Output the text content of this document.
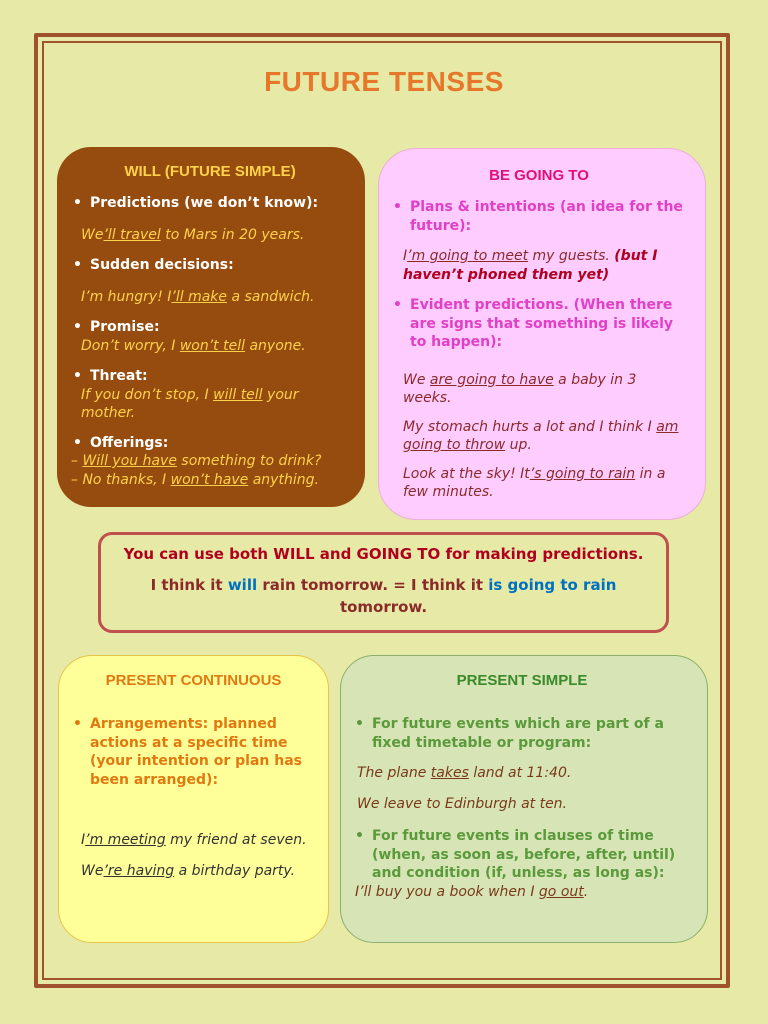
FUTURE TENSES
WILL (FUTURE SIMPLE)
• Predictions (we don’t know):
We’ll travel to Mars in 20 years.
• Sudden decisions:
I’m hungry! I’ll make a sandwich.
• Promise:
Don’t worry, I won’t tell anyone.
• Threat:
If you don’t stop, I will tell your mother.
• Offerings:
– Will you have something to drink?
– No thanks, I won’t have anything.
BE GOING TO
• Plans & intentions (an idea for the future):
I’m going to meet my guests. (but I haven’t phoned them yet)
• Evident predictions. (When there are signs that something is likely to happen):
We are going to have a baby in 3 weeks.
My stomach hurts a lot and I think I am going to throw up.
Look at the sky! It’s going to rain in a few minutes.
You can use both WILL and GOING TO for making predictions.
I think it will rain tomorrow. = I think it is going to rain tomorrow.
PRESENT CONTINUOUS
• Arrangements: planned actions at a specific time (your intention or plan has been arranged):
I’m meeting my friend at seven.
We’re having a birthday party.
PRESENT SIMPLE
• For future events which are part of a fixed timetable or program:
The plane takes land at 11:40.
We leave to Edinburgh at ten.
• For future events in clauses of time (when, as soon as, before, after, until) and condition (if, unless, as long as):
I’ll buy you a book when I go out.
